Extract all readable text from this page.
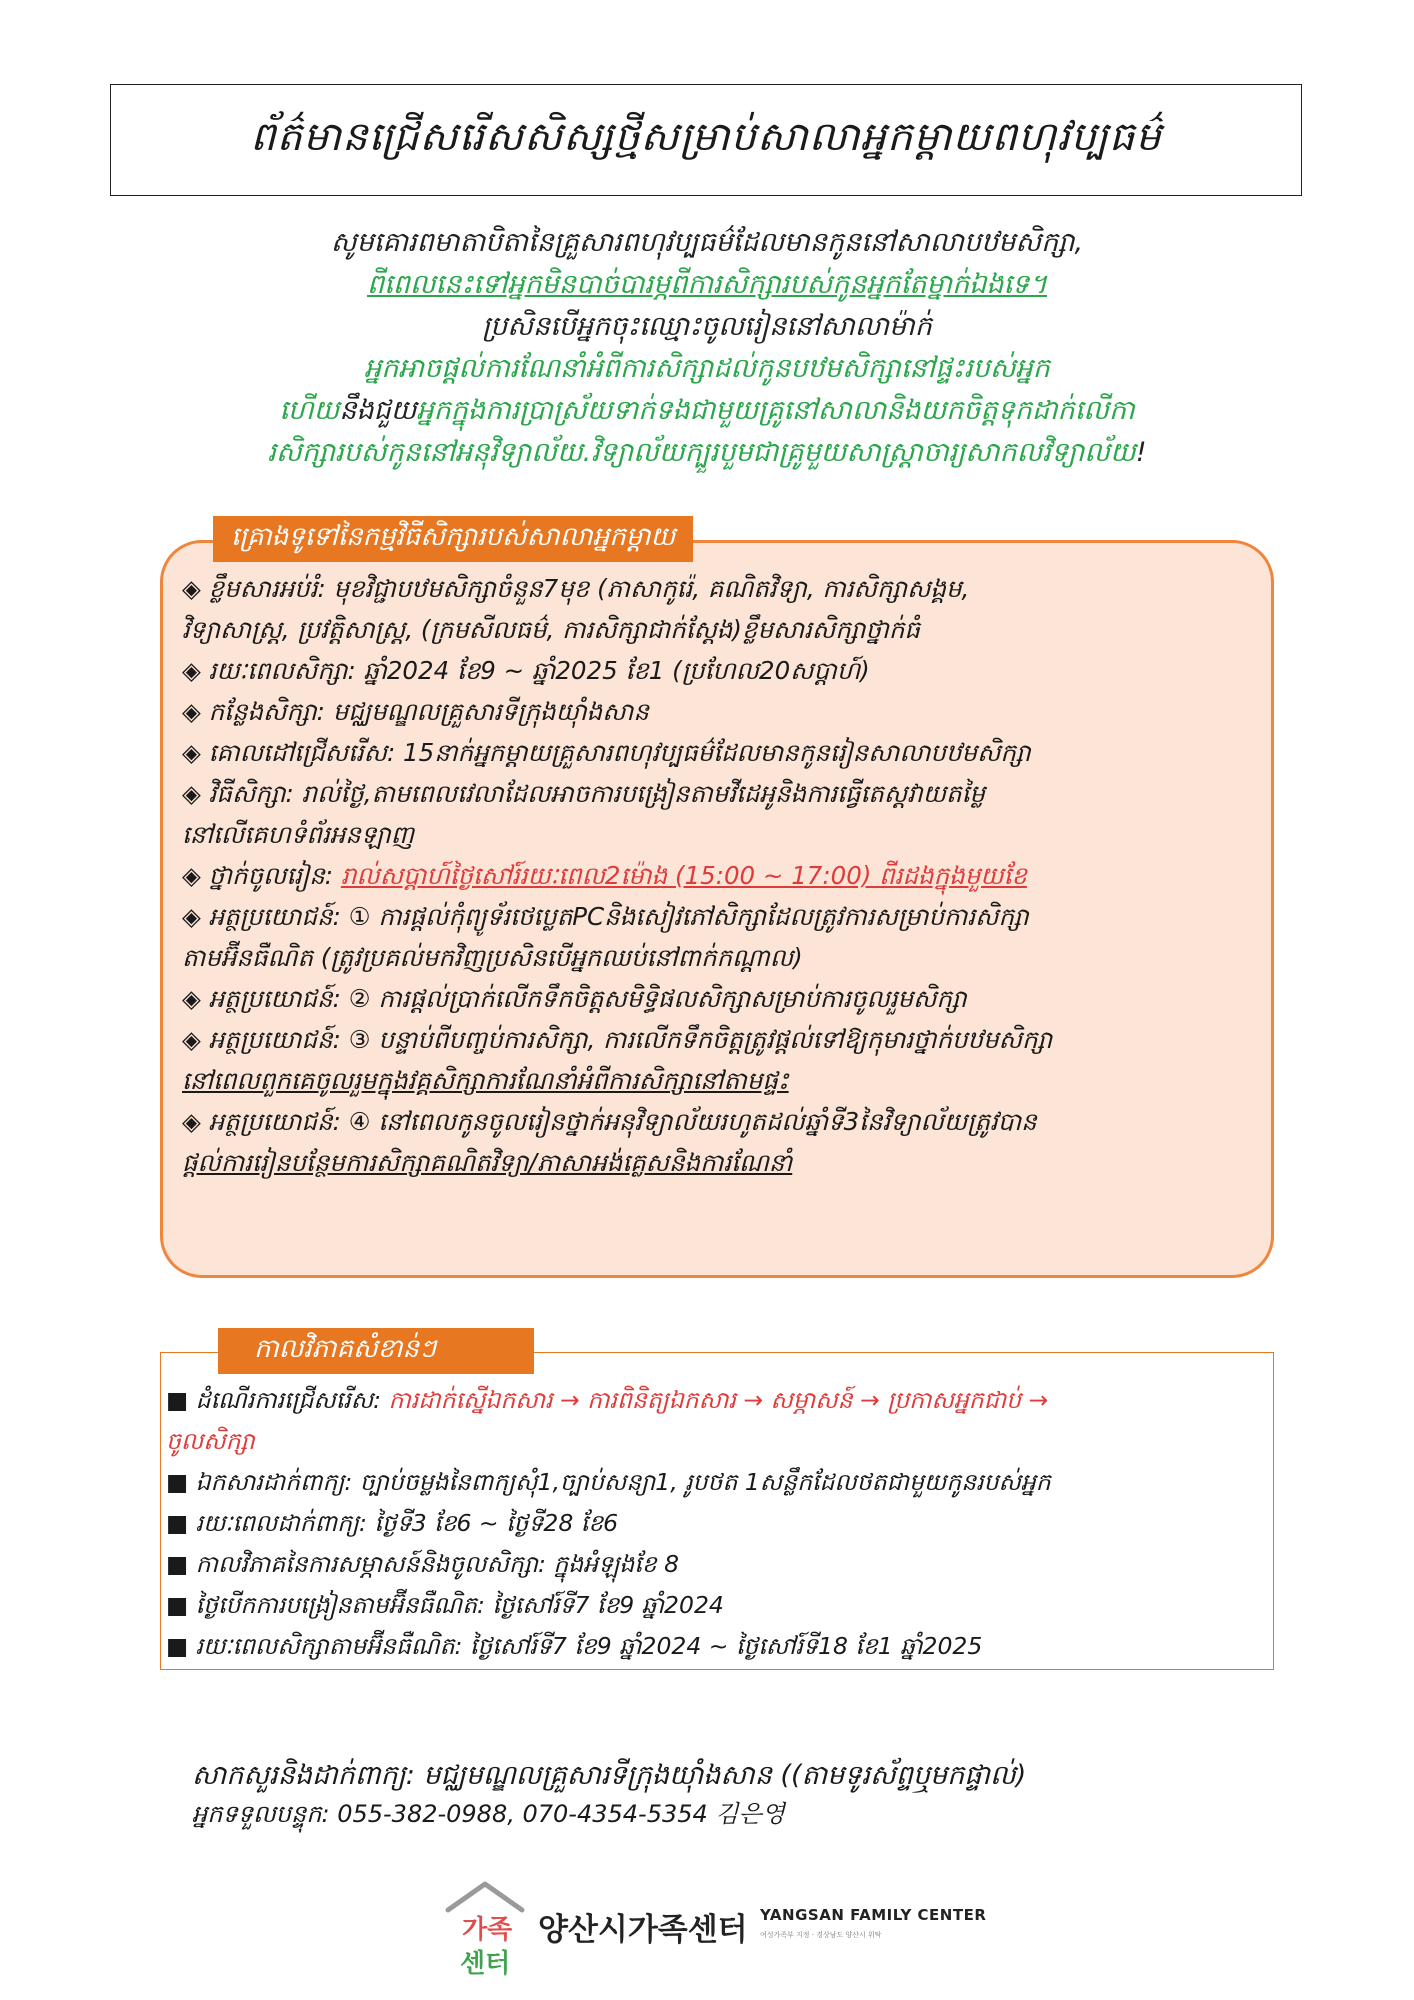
ព័ត៌មានជ្រើសរើសសិស្សថ្មីសម្រាប់សាលាអ្នកម្ដាយពហុវប្បធម៌
សូមគោរពមាតាបិតានៃគ្រួសារពហុវប្បធម៌ដែលមានកូននៅសាលាបឋមសិក្សា,
ពីពេលនេះទៅអ្នកមិនបាច់បារម្ភពីការសិក្សារបស់កូនអ្នកតែម្នាក់ឯងទេ។
ប្រសិនបើអ្នកចុះឈ្មោះចូលរៀននៅសាលាម៉ាក់
អ្នកអាចផ្តល់ការណែនាំអំពីការសិក្សាដល់កូនបឋមសិក្សានៅផ្ទះរបស់អ្នក
ហើយនឹងជួយអ្នកក្នុងការប្រាស្រ័យទាក់ទងជាមួយគ្រូនៅសាលានិងយកចិត្តទុកដាក់លើកា
រសិក្សារបស់កូននៅអនុវិទ្យាល័យ.វិទ្យាល័យក្បួរបួមជាគ្រូមួយសាស្ត្រាចារ្យសាកលវិទ្យាល័យ!
គ្រោងទូទៅនៃកម្មវិធីសិក្សារបស់សាលាអ្នកម្ដាយ
◈ ខ្លឹមសារអប់រំ: មុខវិជ្ជាបឋមសិក្សាចំនួន7មុខ (ភាសាកូរ៉េ, គណិតវិទ្យា, ការសិក្សាសង្គម,
វិទ្យាសាស្ត្រ, ប្រវត្តិសាស្ត្រ, (ក្រមសីលធម៌, ការសិក្សាជាក់ស្តែង)ខ្លឹមសារសិក្សាថ្នាក់ធំ
◈ រយៈពេលសិក្សា: ឆ្នាំ2024 ខែ9 ~ ឆ្នាំ2025 ខែ1 (ប្រហែល20សប្តាហ៍)
◈ កន្លែងសិក្សា: មជ្ឈមណ្ឌលគ្រួសារទីក្រុងយ៉ាំងសាន
◈ គោលដៅជ្រើសរើស: 15នាក់អ្នកម្តាយគ្រួសារពហុវប្បធម៌ដែលមានកូនរៀនសាលាបឋមសិក្សា
◈ វិធីសិក្សា: រាល់ថ្ងៃ,តាមពេលវេលាដែលអាចការបង្រៀនតាមវីដេអូនិងការធ្វើតេស្តវាយតម្លៃ
នៅលើគេហទំព័រអនឡាញ
◈ ថ្នាក់ចូលរៀន: រាល់សប្តាហ៍ថ្ងៃសៅរ៍រយៈពេល2ម៉ោង (15:00 ~ 17:00) ពីរដងក្នុងមួយខែ
◈ អត្ថប្រយោជន៍: ① ការផ្តល់កុំព្យូទ័រថេប្លេតPCនិងសៀវភៅសិក្សាដែលត្រូវការសម្រាប់ការសិក្សា
តាមអ៊ីនធឺណិត (ត្រូវប្រគល់មកវិញប្រសិនបើអ្នកឈប់នៅពាក់កណ្តាល)
◈ អត្ថប្រយោជន៍: ② ការផ្តល់ប្រាក់លើកទឹកចិត្តសមិទ្ធិផលសិក្សាសម្រាប់ការចូលរួមសិក្សា
◈ អត្ថប្រយោជន៍: ③ បន្ទាប់ពីបញ្ចប់ការសិក្សា, ការលើកទឹកចិត្តត្រូវផ្តល់ទៅឱ្យកុមារថ្នាក់បឋមសិក្សា
នៅពេលពួកគេចូលរួមក្នុងវគ្គសិក្សាការណែនាំអំពីការសិក្សានៅតាមផ្ទះ
◈ អត្ថប្រយោជន៍: ④ នៅពេលកូនចូលរៀនថ្នាក់អនុវិទ្យាល័យរហូតដល់ឆ្នាំទី3នៃវិទ្យាល័យត្រូវបាន
ផ្តល់ការរៀនបន្ថែមការសិក្សាគណិតវិទ្យា/ភាសាអង់គ្លេសនិងការណែនាំ
កាលវិភាគសំខាន់ៗ
■ ដំណើរការជ្រើសរើស: ការដាក់ស្នើឯកសារ → ការពិនិត្យឯកសារ → សម្ភាសន៍ → ប្រកាសអ្នកជាប់ →
ចូលសិក្សា
■ ឯកសារដាក់ពាក្យ: ច្បាប់ចម្លងនៃពាក្យសុំ1,ច្បាប់សន្យា1, រូបថត 1សន្លឹកដែលថតជាមួយកូនរបស់អ្នក
■ រយៈពេលដាក់ពាក្យ: ថ្ងៃទី3 ខែ6 ~ ថ្ងៃទី28 ខែ6
■ កាលវិភាគនៃការសម្ភាសន៍និងចូលសិក្សា: ក្នុងអំឡុងខែ 8
■ ថ្ងៃបើកការបង្រៀនតាមអ៊ីនធឺណិត: ថ្ងៃសៅរ៍ទី7 ខែ9 ឆ្នាំ2024
■ រយៈពេលសិក្សាតាមអ៊ីនធឺណិត: ថ្ងៃសៅរ៍ទី7 ខែ9 ឆ្នាំ2024 ~ ថ្ងៃសៅរ៍ទី18 ខែ1 ឆ្នាំ2025
សាកសួរនិងដាក់ពាក្យ: មជ្ឈមណ្ឌលគ្រួសារទីក្រុងយ៉ាំងសាន ((តាមទូរស័ព្ទឬមកផ្ទាល់)
អ្នកទទួលបន្ទុក: 055-382-0988, 070-4354-5354 김은영
가족
센터
양산시가족센터 YANGSAN FAMILY CENTER
여성가족부 지정 · 경상남도 양산시 위탁
